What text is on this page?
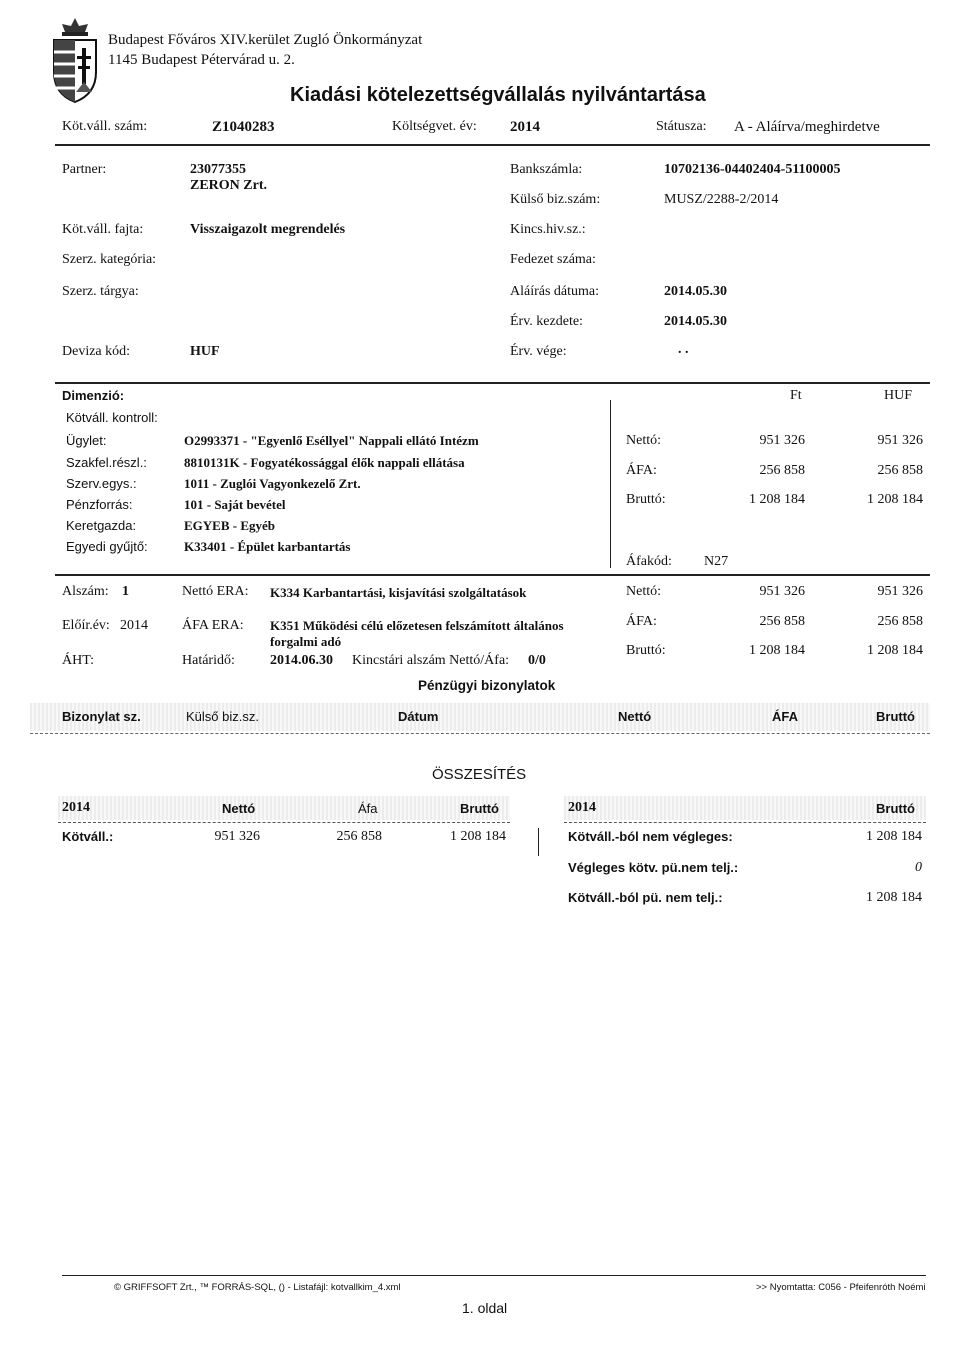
Budapest Főváros XIV.kerület Zugló Önkormányzat
1145 Budapest Pétervárad u. 2.
Kiadási kötelezettségvállalás nyilvántartása
Köt.váll. szám:	Z1040283	Költségvet. év: 2014	Státusza: A - Aláírva/meghirdetve
Partner:	23077355
ZERON Zrt.
Bankszámla:	10702136-04402404-51100005
Külső biz.szám:	MUSZ/2288-2/2014
Köt.váll. fajta:	Visszaigazolt megrendelés	Kincs.hiv.sz.:
Szerz. kategória:	Fedezet száma:
Szerz. tárgya:	Aláírás dátuma:	2014.05.30
Érv. kezdete:	2014.05.30
Deviza kód:	HUF	Érv. vége:	. .
Dimenzió:	Ft	HUF
Kötváll. kontroll:
Ügylet:	O2993371 - "Egyenlő Eséllyel" Nappali ellátó Intézm
Szakfel.részl.:	8810131K - Fogyatékossággal élők nappali ellátása
Szerv.egys.:	1011 - Zuglói Vagyonkezelő Zrt.
Pénzforrás:	101 - Saját bevétel
Keretgazda:	EGYEB - Egyéb
Egyedi gyűjtő:	K33401 - Épület karbantartás
Nettó:	951 326	951 326
ÁFA:	256 858	256 858
Bruttó:	1 208 184	1 208 184
Áfakód: N27
Alszám: 1	Nettó ERA: K334 Karbantartási, kisjavítási szolgáltatások
Előír.év: 2014 ÁFA ERA: K351 Működési célú előzetesen felszámított általános
forgalmi adó
ÁHT:	Határidő:	2014.06.30 Kincstári alszám Nettó/Áfa: 0/0
Nettó:	951 326	951 326
ÁFA:	256 858	256 858
Bruttó:	1 208 184	1 208 184
Pénzügyi bizonylatok
Bizonylat sz.	Külső biz.sz.	Dátum	Nettó	ÁFA	Bruttó
ÖSSZESÍTÉS
2014	Nettó	Áfa	Bruttó
Kötváll.:	951 326	256 858	1 208 184
2014	Bruttó
Kötváll.-ból nem végleges:	1 208 184
Végleges kötv. pü.nem telj.:	0
Kötváll.-ból pü. nem telj.:	1 208 184
© GRIFFSOFT Zrt., ™ FORRÁS-SQL, () - Listafájl: kotvallkim_4.xml	>> Nyomtatta: C056 - Pfeifenróth Noémi
1. oldal
